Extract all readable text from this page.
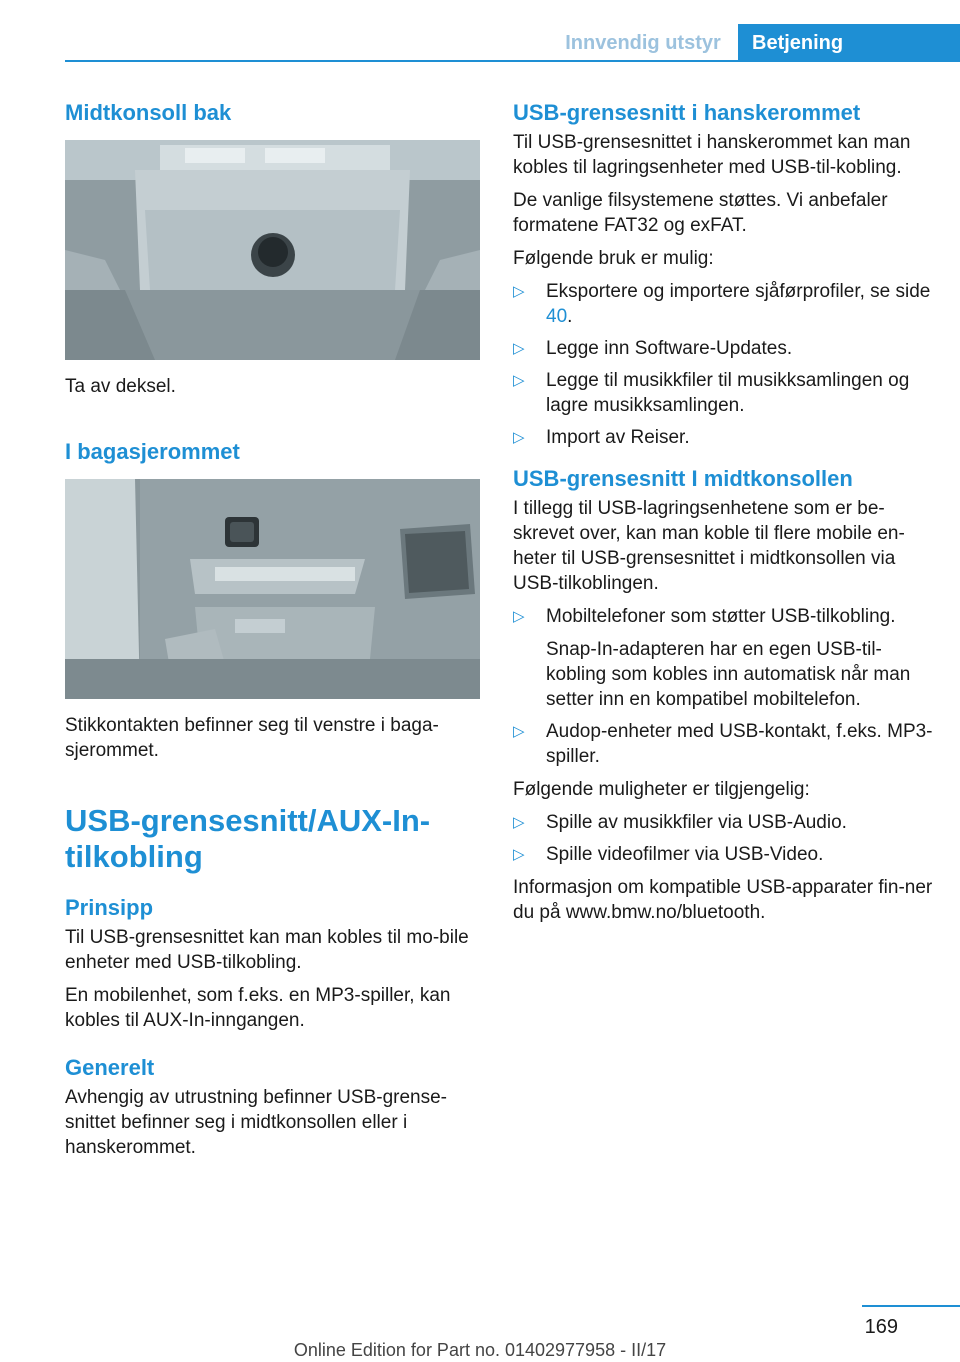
Innvendig utstyr	Betjening
Midtkonsoll bak

Ta av deksel.

I bagasjerommet

Stikkontakten befinner seg til venstre i baga-sjerommet.

USB-grensesnitt/AUX-In-tilkobling
Prinsipp

Til USB-grensesnittet kan man kobles til mo-bile enheter med USB-tilkobling.

En mobilenhet, som f.eks. en MP3-spiller, kan kobles til AUX-In-inngangen.

Generelt

Avhengig av utrustning befinner USB-grense-snittet befinner seg i midtkonsollen eller i hanskerommet.

USB-grensesnitt i hanskerommet

Til USB-grensesnittet i hanskerommet kan man kobles til lagringsenheter med USB-til-kobling.

De vanlige filsystemene støttes. Vi anbefaler formatene FAT32 og exFAT.

Følgende bruk er mulig:

▷ Eksportere og importere sjåførprofiler, se side 40.
▷ Legge inn Software-Updates.
▷ Legge til musikkfiler til musikksamlingen og lagre musikksamlingen.
▷ Import av Reiser.
USB-grensesnitt I midtkonsollen

I tillegg til USB-lagringsenhetene som er be-skrevet over, kan man koble til flere mobile en-heter til USB-grensesnittet i midtkonsollen via USB-tilkoblingen.

▷ Mobiltelefoner som støtter USB-tilkobling.
Snap-In-adapteren har en egen USB-til-kobling som kobles inn automatisk når man setter inn en kompatibel mobiltelefon.
▷ Audop-enheter med USB-kontakt, f.eks. MP3-spiller.

Følgende muligheter er tilgjengelig:

▷ Spille av musikkfiler via USB-Audio.
▷ Spille videofilmer via USB-Video.

Informasjon om kompatible USB-apparater fin-ner du på www.bmw.no/bluetooth.

169
Online Edition for Part no. 01402977958 - II/17
